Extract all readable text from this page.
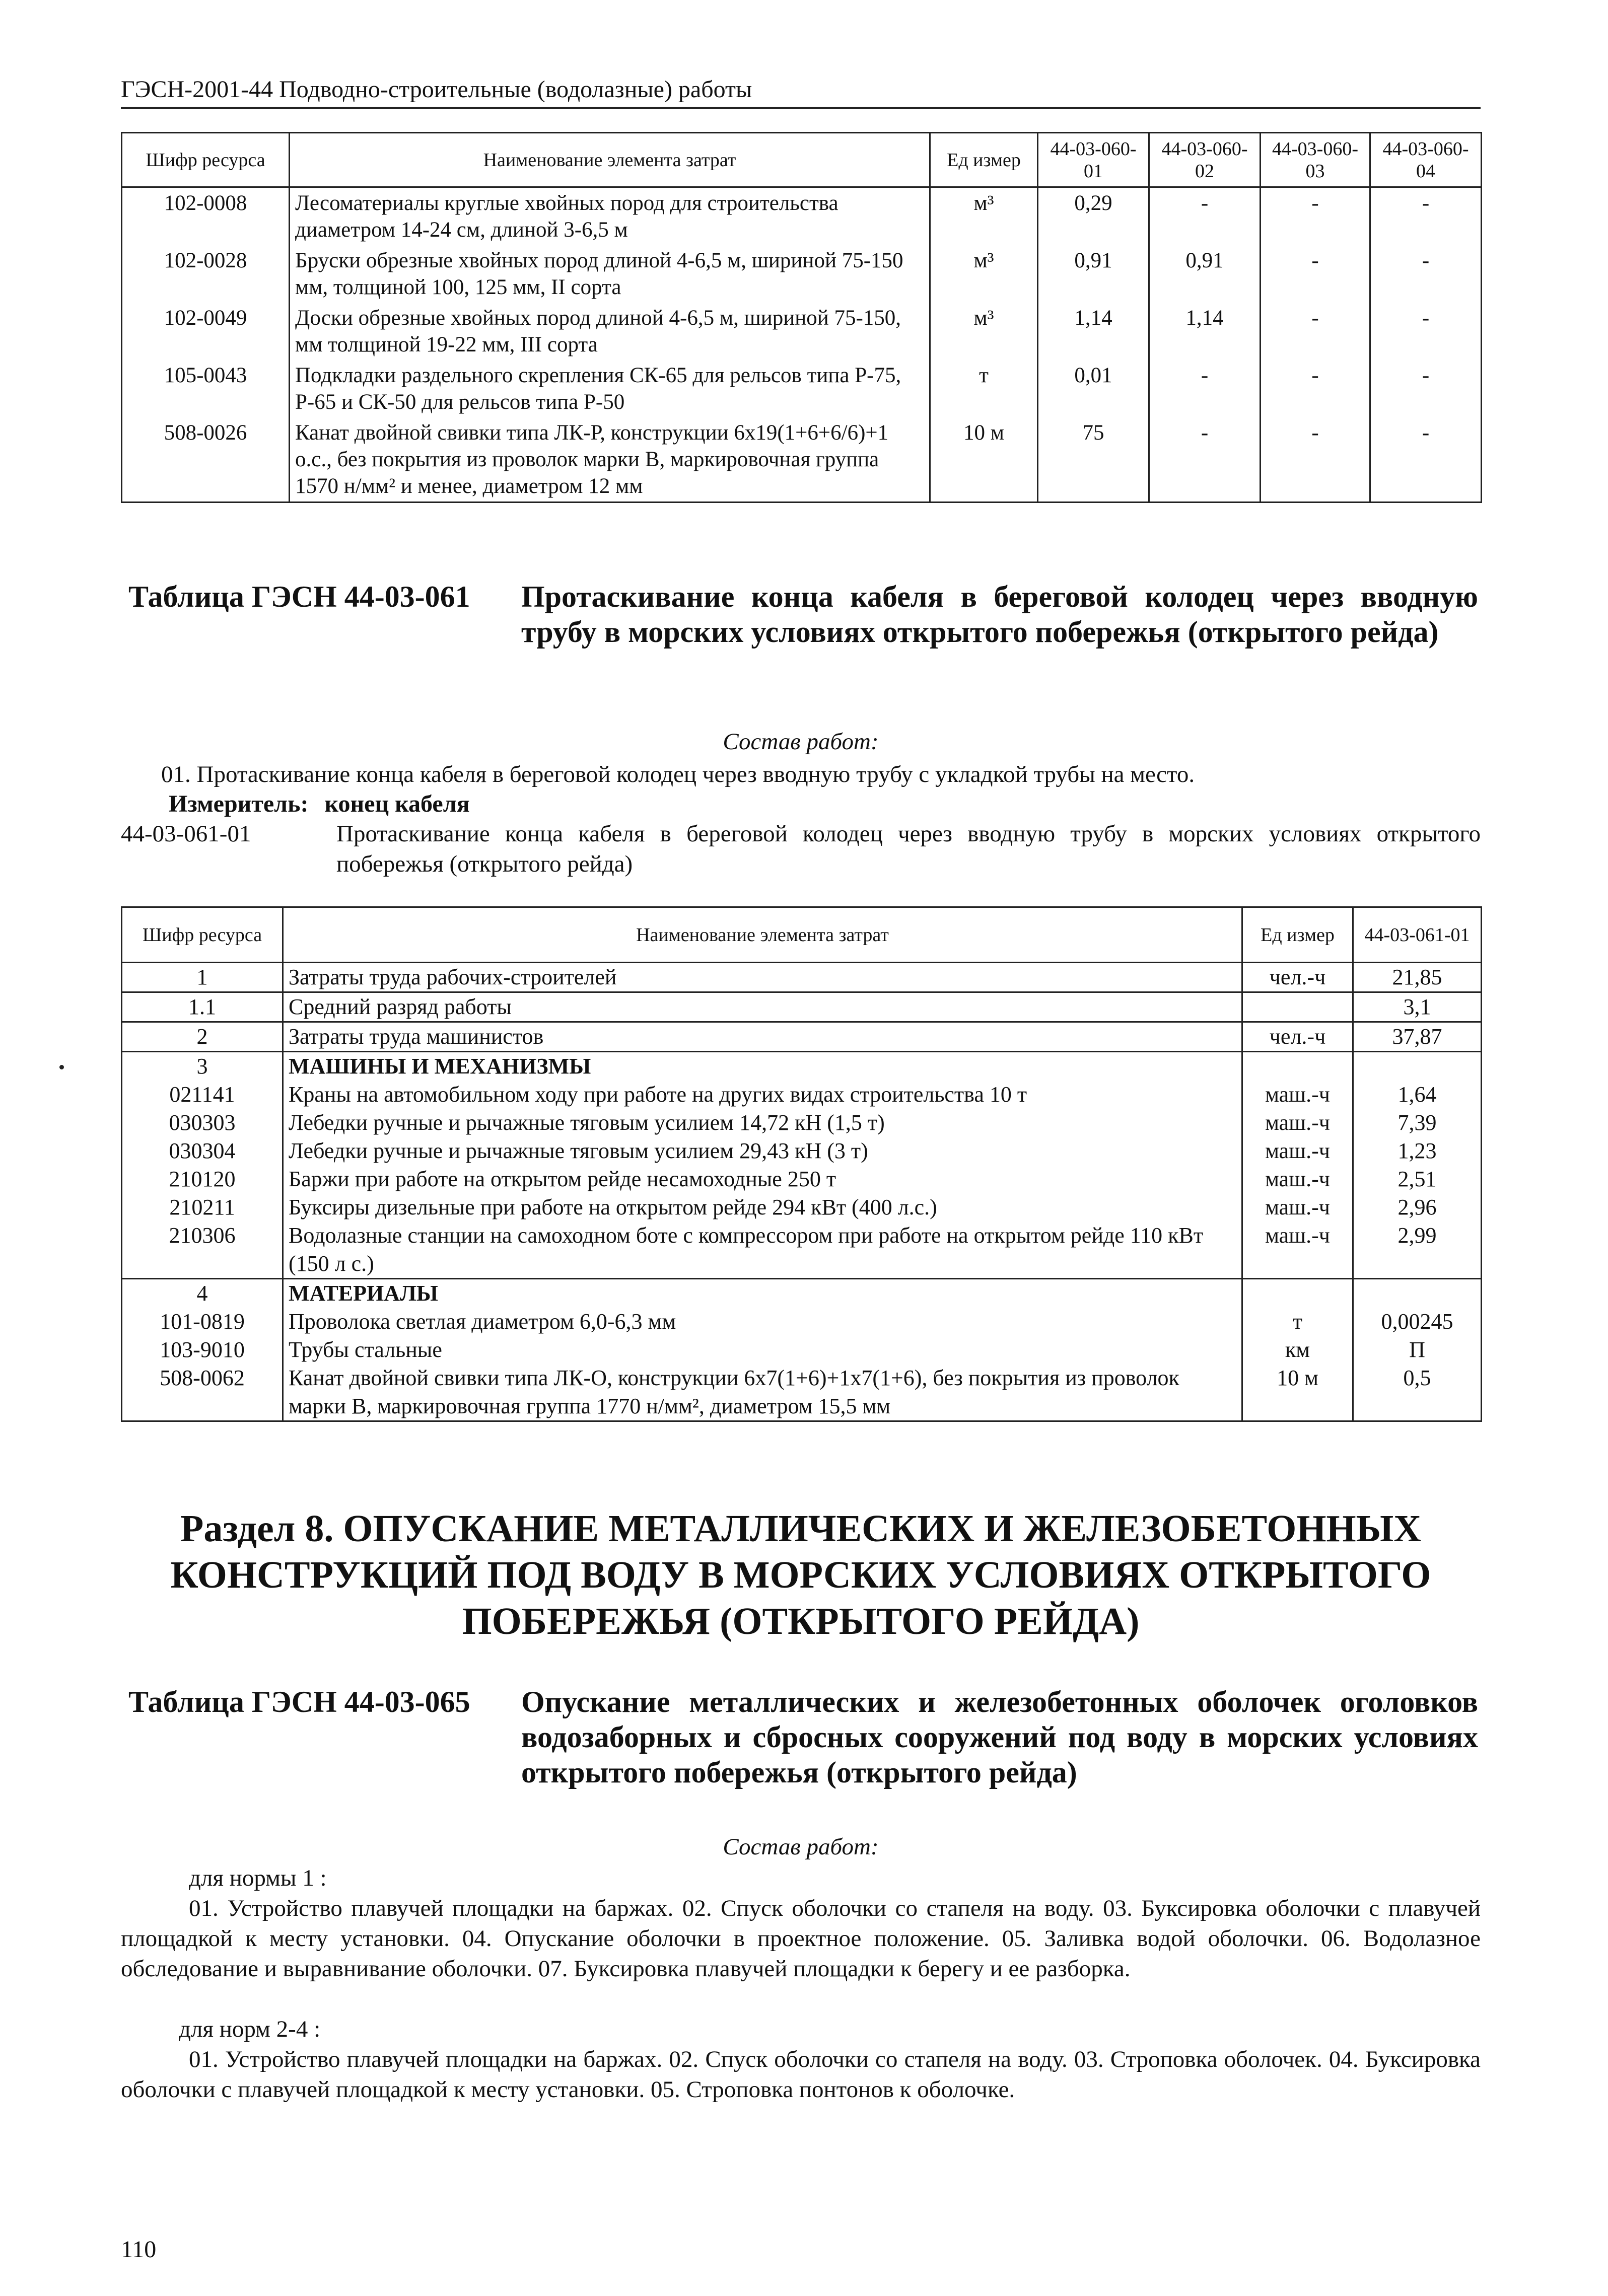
ГЭСН-2001-44 Подводно-строительные (водолазные) работы
Шифр ресурса	Наименование элемента затрат	Ед измер	44-03-060-01	44-03-060-02	44-03-060-03	44-03-060-04
102-0008	Лесоматериалы круглые хвойных пород для строительства диаметром 14-24 см, длиной 3-6,5 м	м³	0,29	-	-	-
102-0028	Бруски обрезные хвойных пород длиной 4-6,5 м, шириной 75-150 мм, толщиной 100, 125 мм, II сорта	м³	0,91	0,91	-	-
102-0049	Доски обрезные хвойных пород длиной 4-6,5 м, шириной 75-150, мм толщиной 19-22 мм, III сорта	м³	1,14	1,14	-	-
105-0043	Подкладки раздельного скрепления СК-65 для рельсов типа Р-75, Р-65 и СК-50 для рельсов типа Р-50	т	0,01	-	-	-
508-0026	Канат двойной свивки типа ЛК-Р, конструкции 6х19(1+6+6/6)+1 о.с., без покрытия из проволок марки В, маркировочная группа 1570 н/мм² и менее, диаметром 12 мм	10 м	75	-	-	-
Таблица ГЭСН 44-03-061 Протаскивание конца кабеля в береговой колодец через вводную трубу в морских условиях открытого побережья (открытого рейда)
Состав работ:
01. Протаскивание конца кабеля в береговой колодец через вводную трубу с укладкой трубы на место.
Измеритель: конец кабеля
44-03-061-01	Протаскивание конца кабеля в береговой колодец через вводную трубу в морских условиях открытого побережья (открытого рейда)
Шифр ресурса	Наименование элемента затрат	Ед измер	44-03-061-01
1	Затраты труда рабочих-строителей	чел.-ч	21,85
1.1	Средний разряд работы		3,1
2	Затраты труда машинистов	чел.-ч	37,87
3	МАШИНЫ И МЕХАНИЗМЫ		
021141	Краны на автомобильном ходу при работе на других видах строительства 10 т	маш.-ч	1,64
030303	Лебедки ручные и рычажные тяговым усилием 14,72 кН (1,5 т)	маш.-ч	7,39
030304	Лебедки ручные и рычажные тяговым усилием 29,43 кН (3 т)	маш.-ч	1,23
210120	Баржи при работе на открытом рейде несамоходные 250 т	маш.-ч	2,51
210211	Буксиры дизельные при работе на открытом рейде 294 кВт (400 л.с.)	маш.-ч	2,96
210306	Водолазные станции на самоходном боте с компрессором при работе на открытом рейде 110 кВт (150 л с.)	маш.-ч	2,99
4	МАТЕРИАЛЫ		
101-0819	Проволока светлая диаметром 6,0-6,3 мм	т	0,00245
103-9010	Трубы стальные	км	П
508-0062	Канат двойной свивки типа ЛК-О, конструкции 6х7(1+6)+1х7(1+6), без покрытия из проволок марки В, маркировочная группа 1770 н/мм², диаметром 15,5 мм	10 м	0,5
Раздел 8. ОПУСКАНИЕ МЕТАЛЛИЧЕСКИХ И ЖЕЛЕЗОБЕТОННЫХ
КОНСТРУКЦИЙ ПОД ВОДУ В МОРСКИХ УСЛОВИЯХ ОТКРЫТОГО
ПОБЕРЕЖЬЯ (ОТКРЫТОГО РЕЙДА)
Таблица ГЭСН 44-03-065 Опускание металлических и железобетонных оболочек оголовков водозаборных и сбросных сооружений под воду в морских условиях открытого побережья (открытого рейда)
Состав работ:
для нормы 1 :
01. Устройство плавучей площадки на баржах. 02. Спуск оболочки со стапеля на воду. 03. Буксировка оболочки с плавучей площадкой к месту установки. 04. Опускание оболочки в проектное положение. 05. Заливка водой оболочки. 06. Водолазное обследование и выравнивание оболочки. 07. Буксировка плавучей площадки к берегу и ее разборка.
для норм 2-4 :
01. Устройство плавучей площадки на баржах. 02. Спуск оболочки со стапеля на воду. 03. Строповка оболочек. 04. Буксировка оболочки с плавучей площадкой к месту установки. 05. Строповка понтонов к оболочке.
110
